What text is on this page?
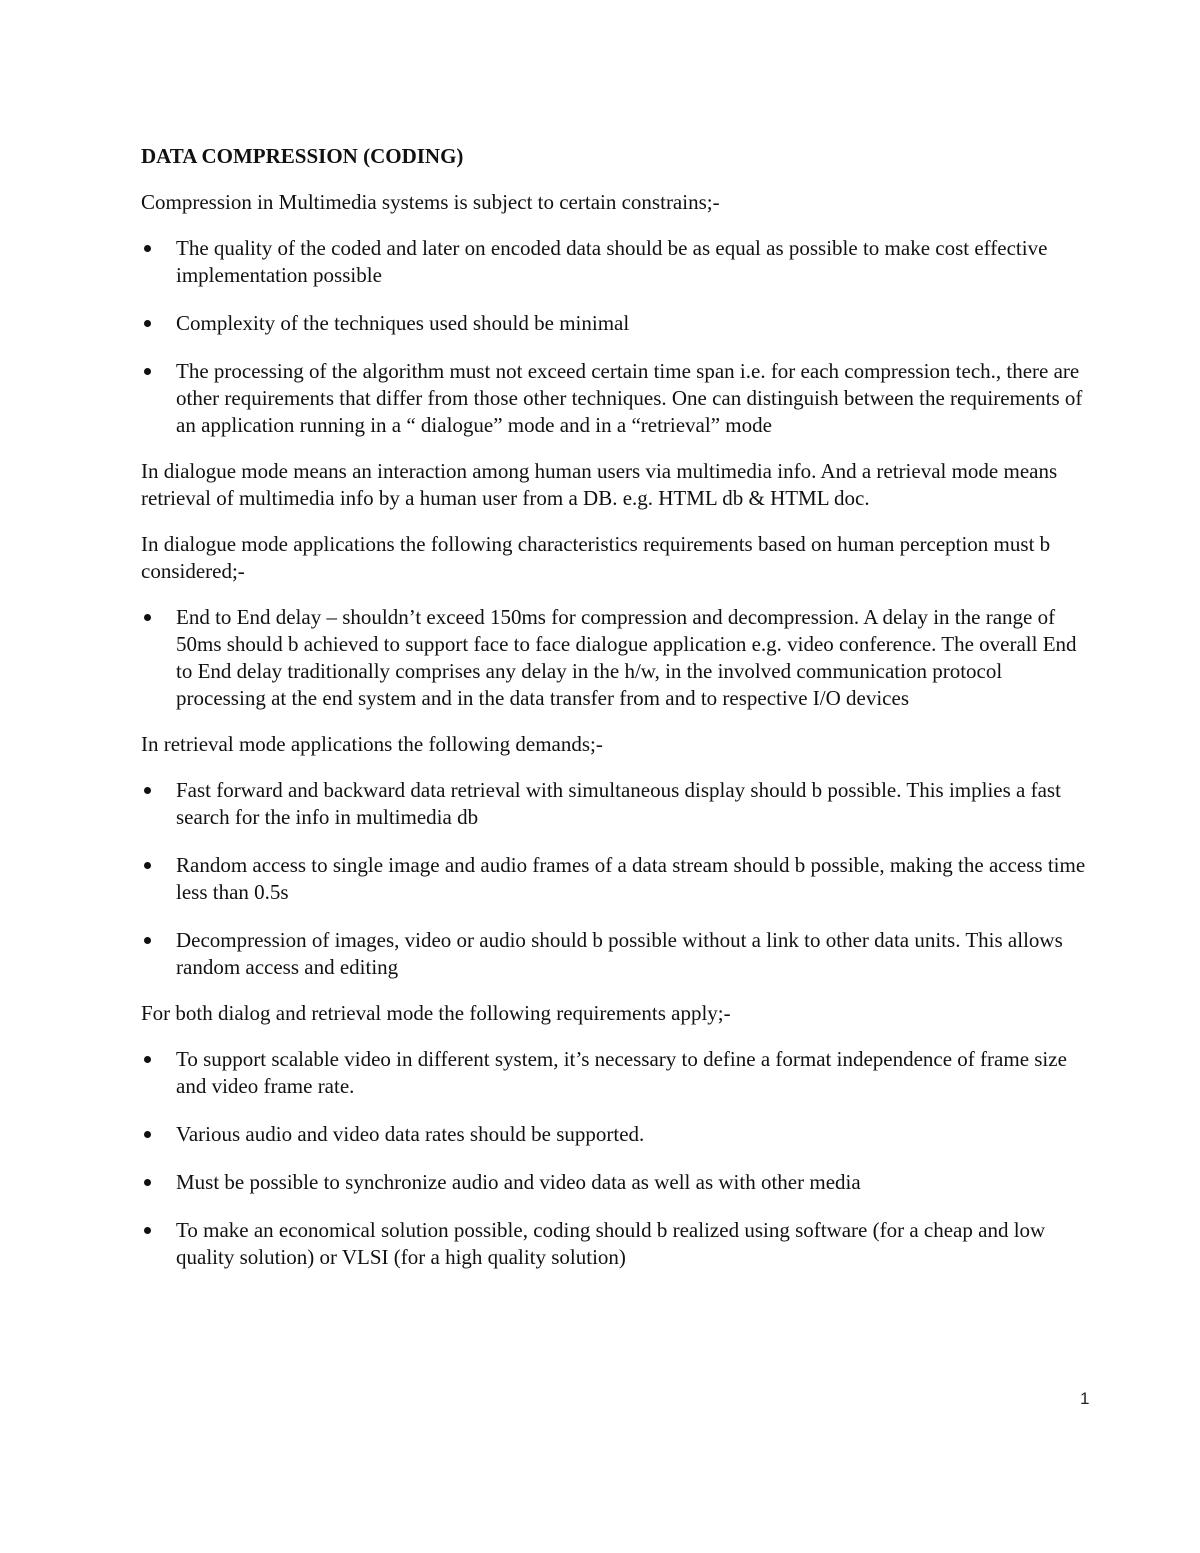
DATA COMPRESSION (CODING)

Compression in Multimedia systems is subject to certain constrains;-

The quality of the coded and later on encoded data should be as equal as possible to make cost effective implementation possible
Complexity of the techniques used should be minimal
The processing of the algorithm must not exceed certain time span i.e. for each compression tech., there are other requirements that differ from those other techniques. One can distinguish between the requirements of an application running in a “ dialogue” mode and in a “retrieval” mode

In dialogue mode means an interaction among human users via multimedia info. And a retrieval mode means retrieval of multimedia info by a human user from a DB. e.g. HTML db & HTML doc.

In dialogue mode applications the following characteristics requirements based on human perception must b considered;-

End to End delay – shouldn’t exceed 150ms for compression and decompression. A delay in the range of 50ms should b achieved to support face to face dialogue application e.g. video conference. The overall End to End delay traditionally comprises any delay in the h/w, in the involved communication protocol processing at the end system and in the data transfer from and to respective I/O devices

In retrieval mode applications the following demands;-

Fast forward and backward data retrieval with simultaneous display should b possible. This implies a fast search for the info in multimedia db
Random access to single image and audio frames of a data stream should b possible, making the access time less than 0.5s
Decompression of images, video or audio should b possible without a link to other data units. This allows random access and editing

For both dialog and retrieval mode the following requirements apply;-

To support scalable video in different system, it’s necessary to define a format independence of frame size and video frame rate.
Various audio and video data rates should be supported.
Must be possible to synchronize audio and video data as well as with other media
To make an economical solution possible, coding should b realized using software (for a cheap and low quality solution) or VLSI (for a high quality solution)
1
